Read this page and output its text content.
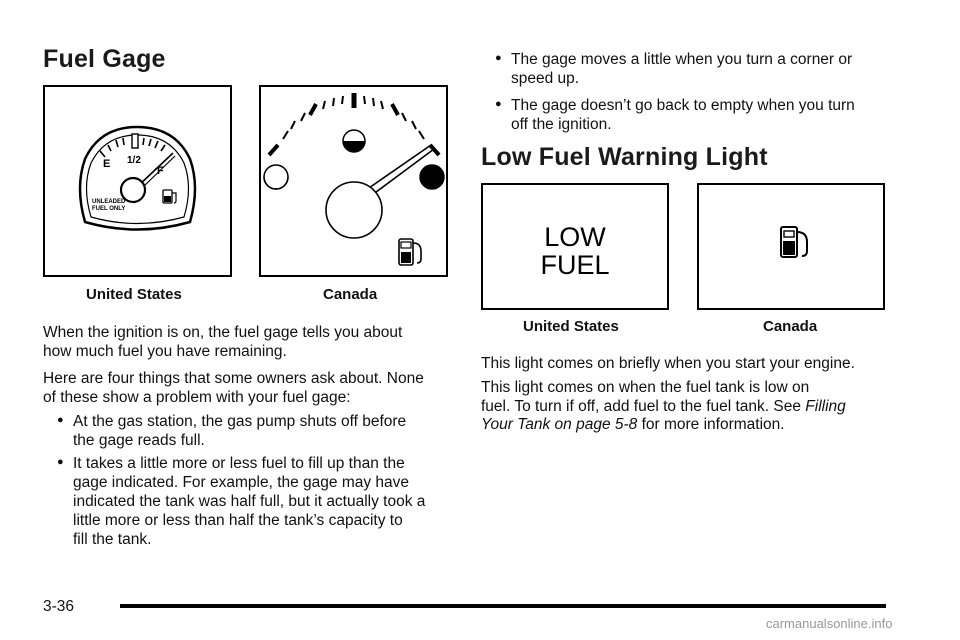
Fuel Gage
E 1/2
F
UNLEADED
FUEL ONLY
United States	Canada

When the ignition is on, the fuel gage tells you about

how much fuel you have remaining.

Here are four things that some owners ask about. None

of these show a problem with your fuel gage:

● At the gas station, the gas pump shuts off before
the gage reads full.
● It takes a little more or less fuel to fill up than the
gage indicated. For example, the gage may have
indicated the tank was half full, but it actually took a
little more or less than half the tank’s capacity to
fill the tank.
● The gage moves a little when you turn a corner or
speed up.
● The gage doesn’t go back to empty when you turn
off the ignition.
Low Fuel Warning Light
LOW
FUEL
United States	Canada

This light comes on briefly when you start your engine.

This light comes on when the fuel tank is low on

fuel. To turn if off, add fuel to the fuel tank. See Filling

Your Tank on page 5-8 for more information.

3-36
carmanualsonline.info
